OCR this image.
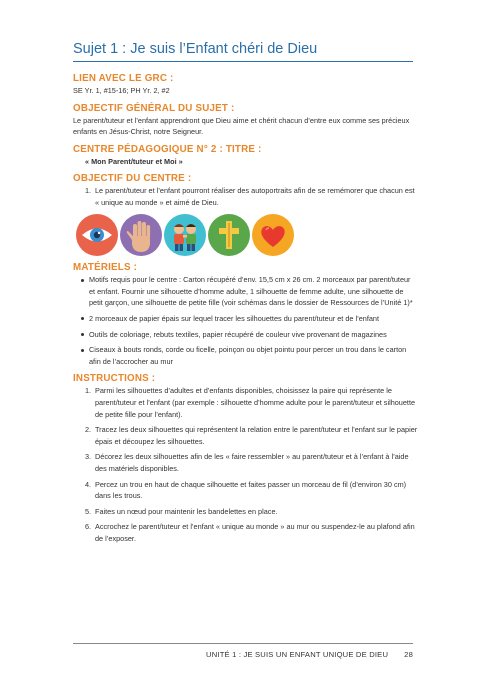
Sujet 1 : Je suis l’Enfant chéri de Dieu

LIEN AVEC LE GRC :

SE Yr. 1, #15-16; PH Yr. 2, #2

OBJECTIF GÉNÉRAL DU SUJET :

Le parent/tuteur et l’enfant apprendront que Dieu aime et chérit chacun d’entre eux comme ses précieux enfants en Jésus-Christ, notre Seigneur.

CENTRE PÉDAGOGIQUE N° 2 : TITRE :

« Mon Parent/tuteur et Moi »

OBJECTIF DU CENTRE :

1. Le parent/tuteur et l’enfant pourront réaliser des autoportraits afin de se remémorer que chacun est « unique au monde » et aimé de Dieu.

MATÉRIELS :

Motifs requis pour le centre : Carton récupéré d’env. 15,5 cm x 26 cm. 2 morceaux par parent/tuteur et enfant. Fournir une silhouette d’homme adulte, 1 silhouette de femme adulte, une silhouette de petit garçon, une silhouette de petite fille (voir schémas dans le dossier de Ressources de l’Unité 1)*
2 morceaux de papier épais sur lequel tracer les silhouettes du parent/tuteur et de l’enfant
Outils de coloriage, rebuts textiles, papier récupéré de couleur vive provenant de magazines
Ciseaux à bouts ronds, corde ou ficelle, poinçon ou objet pointu pour percer un trou dans le carton afin de l’accrocher au mur

INSTRUCTIONS :

1. Parmi les silhouettes d’adultes et d’enfants disponibles, choisissez la paire qui représente le parent/tuteur et l’enfant (par exemple : silhouette d’homme adulte pour le parent/tuteur et silhouette de petite fille pour l’enfant).
2. Tracez les deux silhouettes qui représentent la relation entre le parent/tuteur et l’enfant sur le papier épais et découpez les silhouettes.
3. Décorez les deux silhouettes afin de les « faire ressembler » au parent/tuteur et à l’enfant à l’aide des matériels disponibles.
4. Percez un trou en haut de chaque silhouette et faites passer un morceau de fil (d’environ 30 cm) dans les trous.
5. Faites un nœud pour maintenir les bandelettes en place.
6. Accrochez le parent/tuteur et l’enfant « unique au monde » au mur ou suspendez-le au plafond afin de l’exposer.
UNITÉ 1 : JE SUIS UN ENFANT UNIQUE DE DIEU 28
